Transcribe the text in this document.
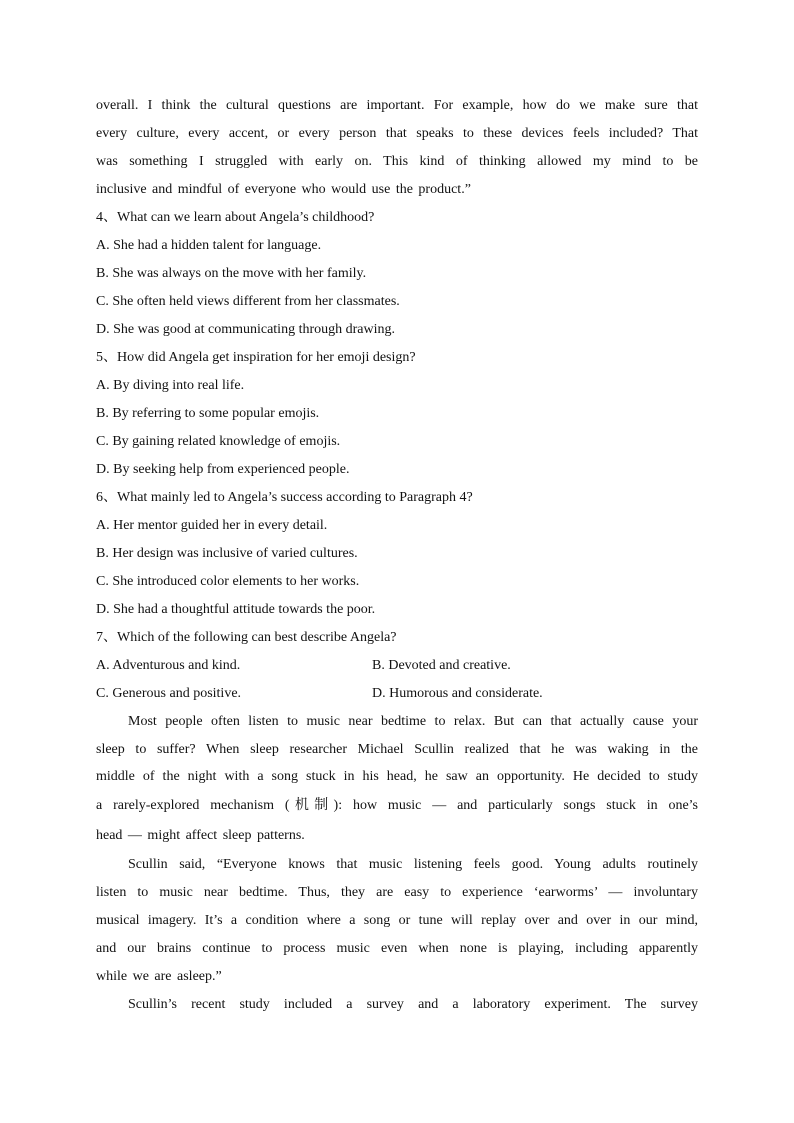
overall. I think the cultural questions are important. For example, how do we make sure that
every culture, every accent, or every person that speaks to these devices feels included? That
was something I struggled with early on. This kind of thinking allowed my mind to be
inclusive and mindful of everyone who would use the product.”

4、What can we learn about Angela’s childhood?

A. She had a hidden talent for language.

B. She was always on the move with her family.

C. She often held views different from her classmates.

D. She was good at communicating through drawing.

5、How did Angela get inspiration for her emoji design?

A. By diving into real life.

B. By referring to some popular emojis.

C. By gaining related knowledge of emojis.

D. By seeking help from experienced people.

6、What mainly led to Angela’s success according to Paragraph 4?

A. Her mentor guided her in every detail.

B. Her design was inclusive of varied cultures.

C. She introduced color elements to her works.

D. She had a thoughtful attitude towards the poor.

7、Which of the following can best describe Angela?

A. Adventurous and kind.	B. Devoted and creative.
C. Generous and positive.	D. Humorous and considerate.
Most people often listen to music near bedtime to relax. But can that actually cause your
sleep to suffer? When sleep researcher Michael Scullin realized that he was waking in the
middle of the night with a song stuck in his head, he saw an opportunity. He decided to study
a rarely-explored mechanism (机制): how music — and particularly songs stuck in one’s
head — might affect sleep patterns.
Scullin said, “Everyone knows that music listening feels good. Young adults routinely
listen to music near bedtime. Thus, they are easy to experience ‘earworms’ — involuntary
musical imagery. It’s a condition where a song or tune will replay over and over in our mind,
and our brains continue to process music even when none is playing, including apparently
while we are asleep.”
Scullin’s recent study included a survey and a laboratory experiment. The survey
